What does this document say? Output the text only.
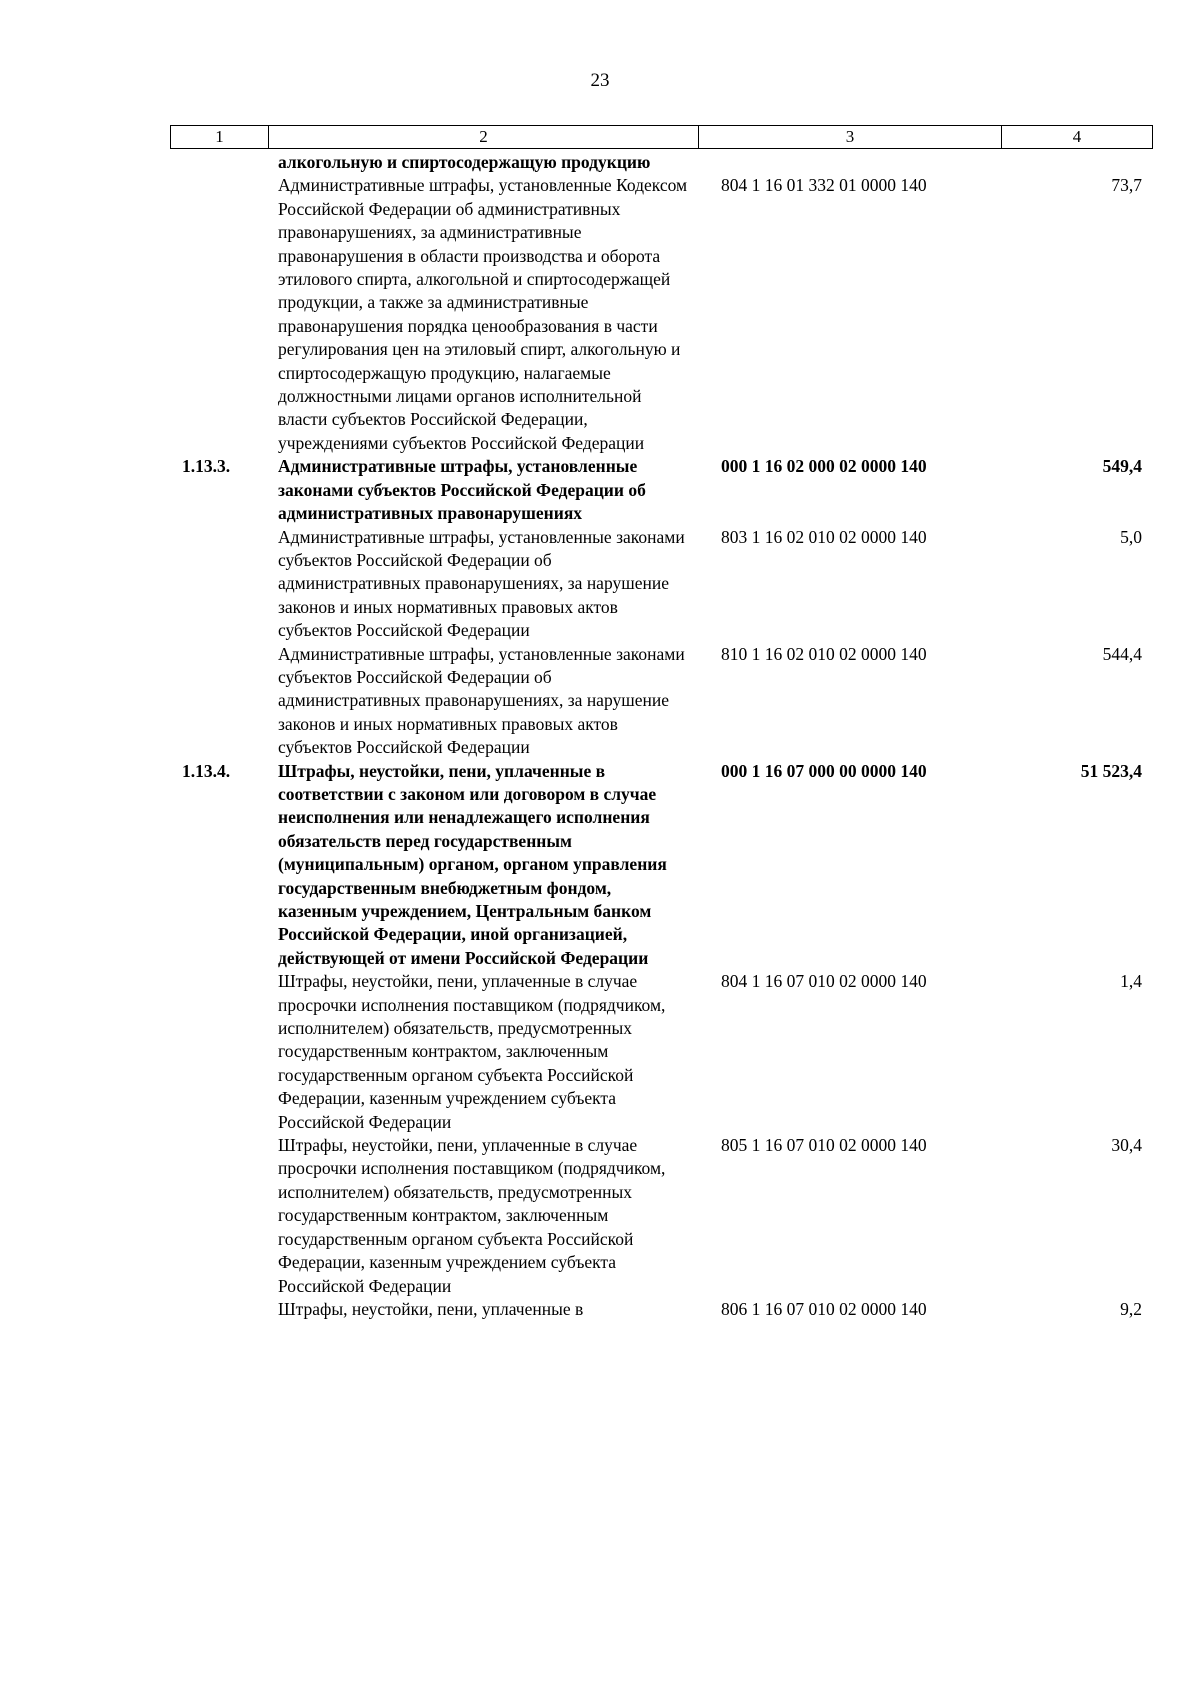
23
1	2	3	4
	алкогольную и спиртосодержащую продукцию		
	Административные штрафы, установленные Кодексом Российской Федерации об административных правонарушениях, за административные правонарушения в области производства и оборота этилового спирта, алкогольной и спиртосодержащей продукции, а также за административные правонарушения порядка ценообразования в части регулирования цен на этиловый спирт, алкогольную и спиртосодержащую продукцию, налагаемые должностными лицами органов исполнительной власти субъектов Российской Федерации, учреждениями субъектов Российской Федерации	804 1 16 01 332 01 0000 140	73,7
1.13.3.	Административные штрафы, установленные законами субъектов Российской Федерации об административных правонарушениях	000 1 16 02 000 02 0000 140	549,4
	Административные штрафы, установленные законами субъектов Российской Федерации об административных правонарушениях, за нарушение законов и иных нормативных правовых актов субъектов Российской Федерации	803 1 16 02 010 02 0000 140	5,0
	Административные штрафы, установленные законами субъектов Российской Федерации об административных правонарушениях, за нарушение законов и иных нормативных правовых актов субъектов Российской Федерации	810 1 16 02 010 02 0000 140	544,4
1.13.4.	Штрафы, неустойки, пени, уплаченные в соответствии с законом или договором в случае неисполнения или ненадлежащего исполнения обязательств перед государственным (муниципальным) органом, органом управления государственным внебюджетным фондом, казенным учреждением, Центральным банком Российской Федерации, иной организацией, действующей от имени Российской Федерации	000 1 16 07 000 00 0000 140	51 523,4
	Штрафы, неустойки, пени, уплаченные в случае просрочки исполнения поставщиком (подрядчиком, исполнителем) обязательств, предусмотренных государственным контрактом, заключенным государственным органом субъекта Российской Федерации, казенным учреждением субъекта Российской Федерации	804 1 16 07 010 02 0000 140	1,4
	Штрафы, неустойки, пени, уплаченные в случае просрочки исполнения поставщиком (подрядчиком, исполнителем) обязательств, предусмотренных государственным контрактом, заключенным государственным органом субъекта Российской Федерации, казенным учреждением субъекта Российской Федерации	805 1 16 07 010 02 0000 140	30,4
	Штрафы, неустойки, пени, уплаченные в	806 1 16 07 010 02 0000 140	9,2
